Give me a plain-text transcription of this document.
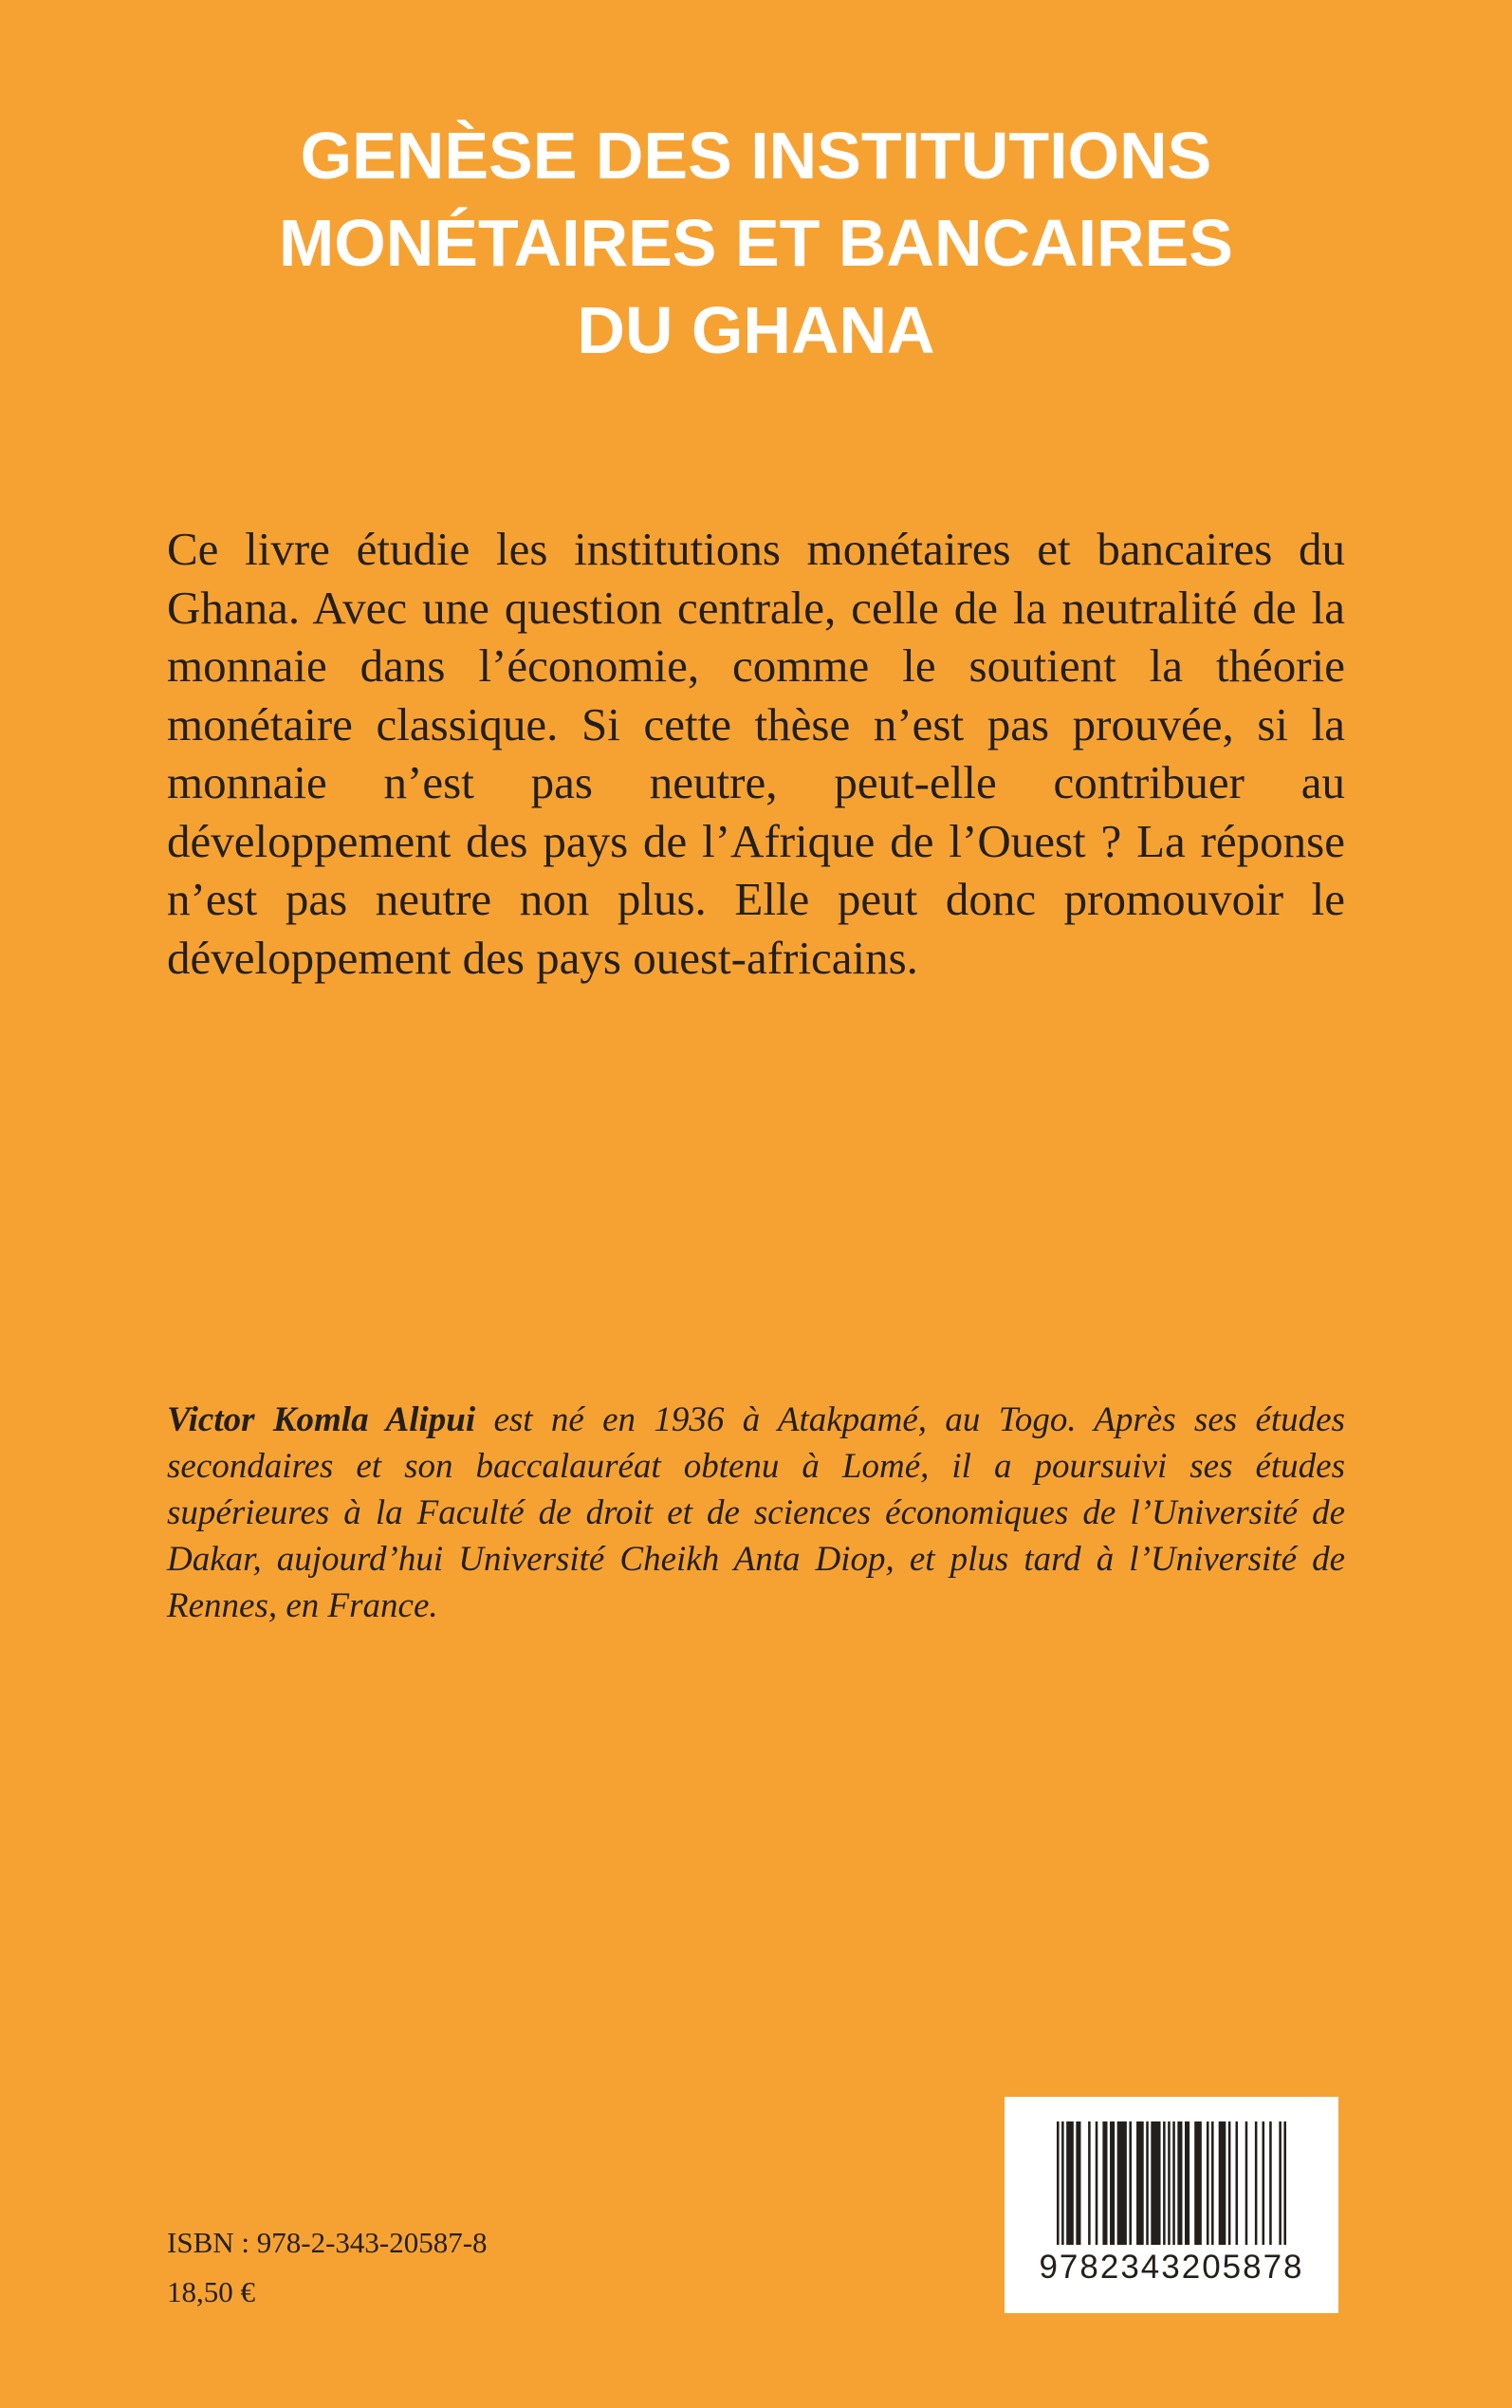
GENÈSE DES INSTITUTIONS
MONÉTAIRES ET BANCAIRES
DU GHANA

Ce livre étudie les institutions monétaires et bancaires du Ghana. Avec une question centrale, celle de la neutralité de la monnaie dans l’économie, comme le soutient la théorie monétaire classique. Si cette thèse n’est pas prouvée, si la monnaie n’est pas neutre, peut-elle contribuer au développement des pays de l’Afrique de l’Ouest ? La réponse n’est pas neutre non plus. Elle peut donc promouvoir le développement des pays ouest-africains.

Victor Komla Alipui est né en 1936 à Atakpamé, au Togo. Après ses études secondaires et son baccalauréat obtenu à Lomé, il a poursuivi ses études supérieures à la Faculté de droit et de sciences économiques de l’Université de Dakar, aujourd’hui Université Cheikh Anta Diop, et plus tard à l’Université de Rennes, en France.

ISBN : 978-2-343-20587-8
18,50 €
9782343205878
